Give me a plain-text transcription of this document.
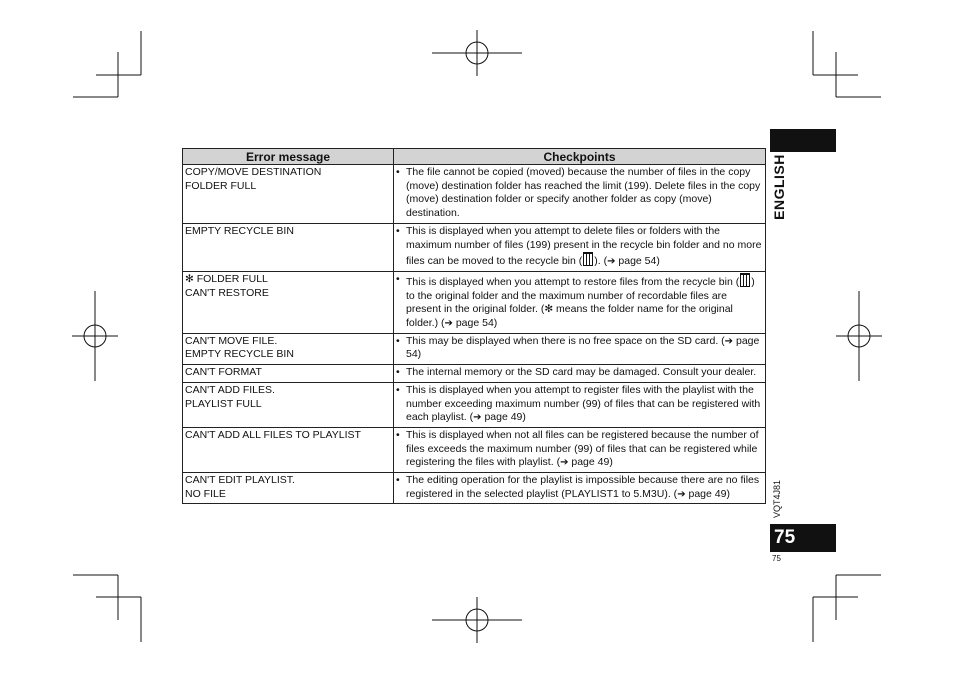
Error message	Checkpoints

COPY/MOVE DESTINATION
FOLDER FULL	• The file cannot be copied (moved) because the number of files in the copy (move) destination folder has reached the limit (199). Delete files in the copy (move) destination folder or specify another folder as copy (move) destination.

EMPTY RECYCLE BIN	• This is displayed when you attempt to delete files or folders with the maximum number of files (199) present in the recycle bin folder and no more files can be moved to the recycle bin ( ). (➔ page 54)

✻ FOLDER FULL
CAN'T RESTORE	• This is displayed when you attempt to restore files from the recycle bin ( ) to the original folder and the maximum number of recordable files are present in the original folder. (✻ means the folder name for the original folder.) (➔ page 54)

CAN'T MOVE FILE.
EMPTY RECYCLE BIN	• This may be displayed when there is no free space on the SD card. (➔ page 54)

CAN'T FORMAT	• The internal memory or the SD card may be damaged. Consult your dealer.

CAN'T ADD FILES.
PLAYLIST FULL	• This is displayed when you attempt to register files with the playlist with the number exceeding maximum number (99) of files that can be registered with each playlist. (➔ page 49)

CAN'T ADD ALL FILES TO PLAYLIST	• This is displayed when not all files can be registered because the number of files exceeds the maximum number (99) of files that can be registered while registering the files with playlist. (➔ page 49)

CAN'T EDIT PLAYLIST.
NO FILE	• The editing operation for the playlist is impossible because there are no files registered in the selected playlist (PLAYLIST1 to 5.M3U). (➔ page 49)
ENGLISH
VQT4J81
75
75
